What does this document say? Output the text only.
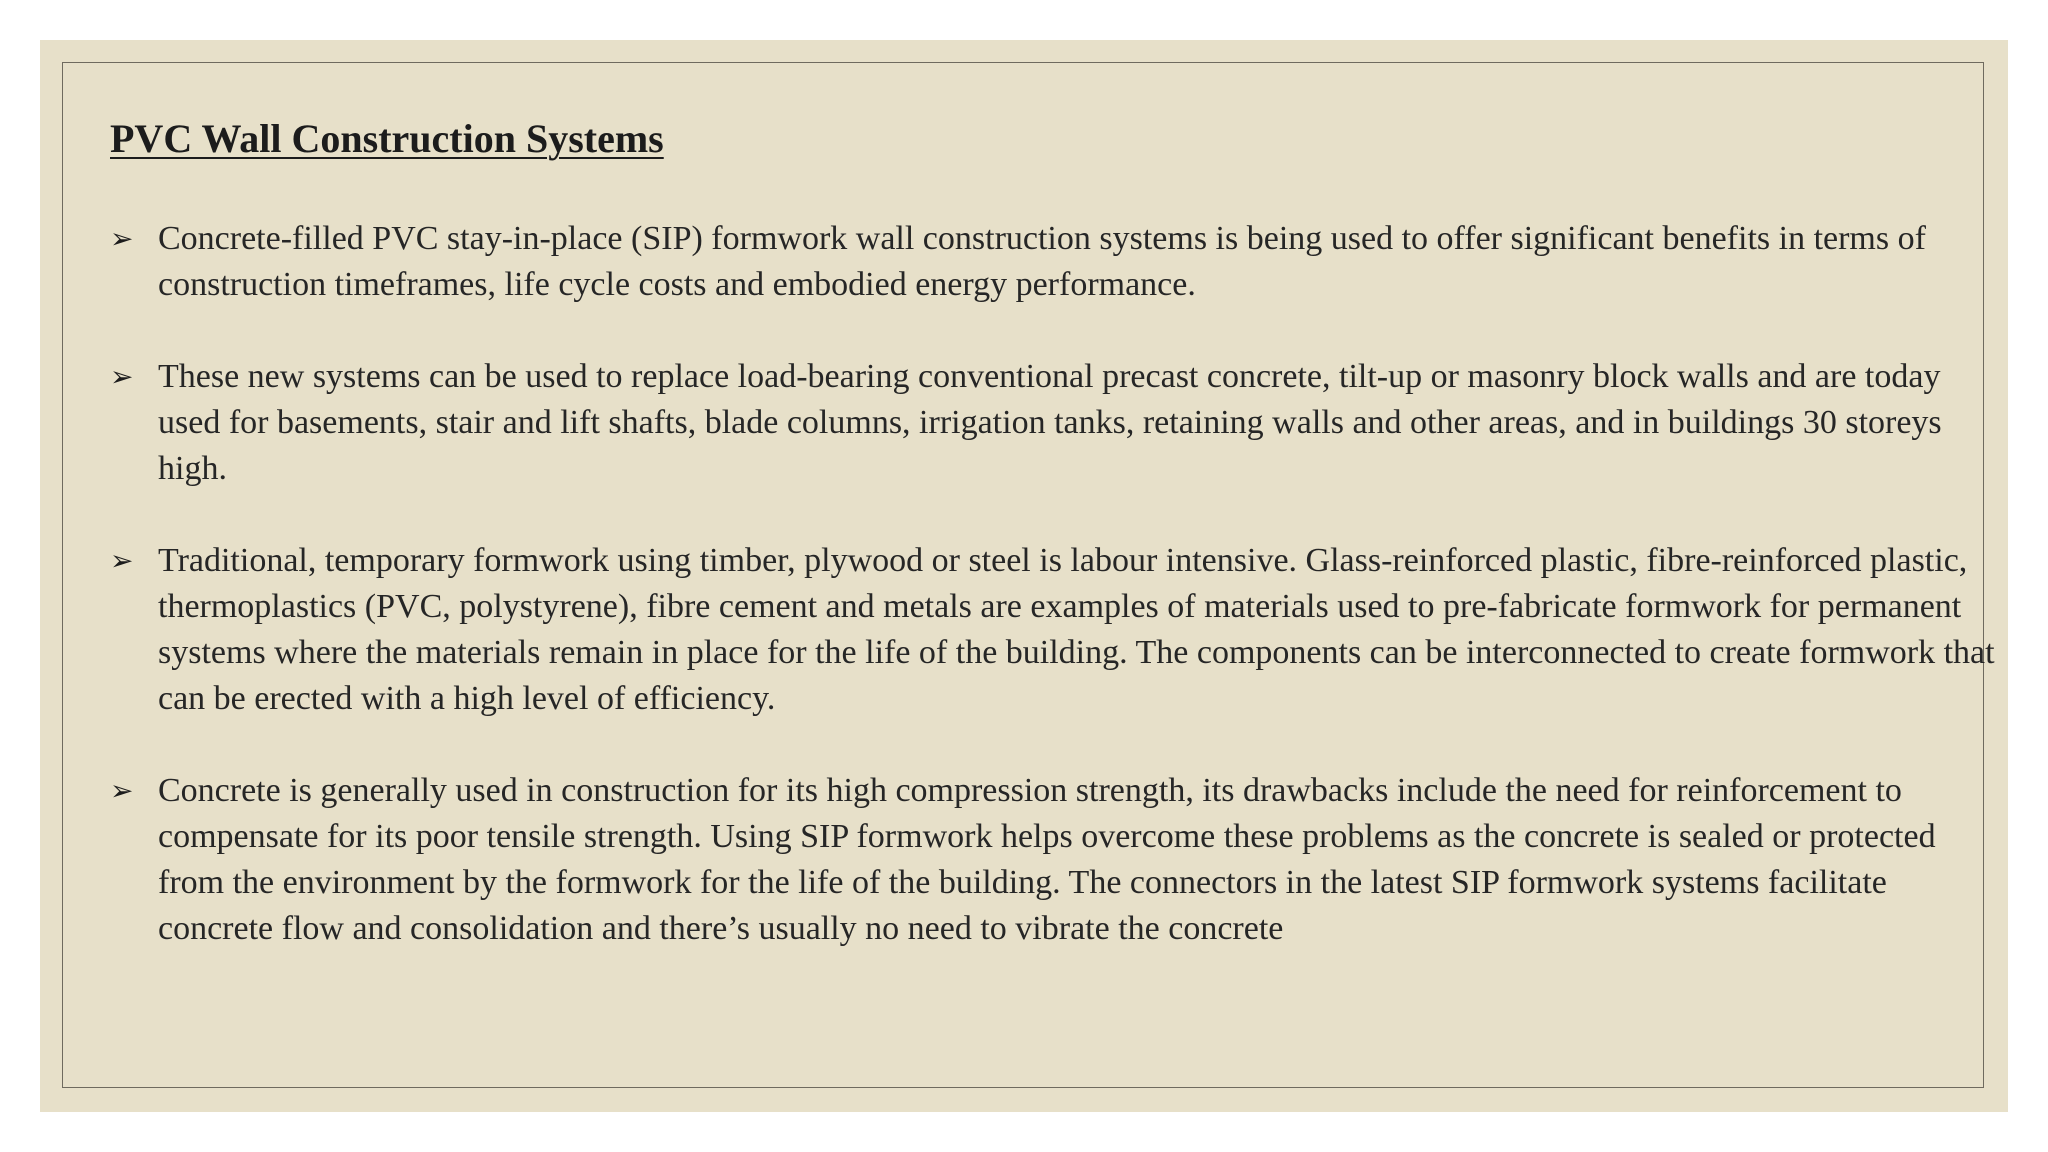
PVC Wall Construction Systems
➢ Concrete-filled PVC stay-in-place (SIP) formwork wall construction systems is being used to offer significant benefits in terms of construction timeframes, life cycle costs and embodied energy performance.
➢ These new systems can be used to replace load-bearing conventional precast concrete, tilt-up or masonry block walls and are today used for basements, stair and lift shafts, blade columns, irrigation tanks, retaining walls and other areas, and in buildings 30 storeys high.
➢ Traditional, temporary formwork using timber, plywood or steel is labour intensive. Glass-reinforced plastic, fibre-reinforced plastic, thermoplastics (PVC, polystyrene), fibre cement and metals are examples of materials used to pre-fabricate formwork for permanent systems where the materials remain in place for the life of the building. The components can be interconnected to create formwork that can be erected with a high level of efficiency.
➢ Concrete is generally used in construction for its high compression strength, its drawbacks include the need for reinforcement to compensate for its poor tensile strength. Using SIP formwork helps overcome these problems as the concrete is sealed or protected from the environment by the formwork for the life of the building. The connectors in the latest SIP formwork systems facilitate concrete flow and consolidation and there’s usually no need to vibrate the concrete
